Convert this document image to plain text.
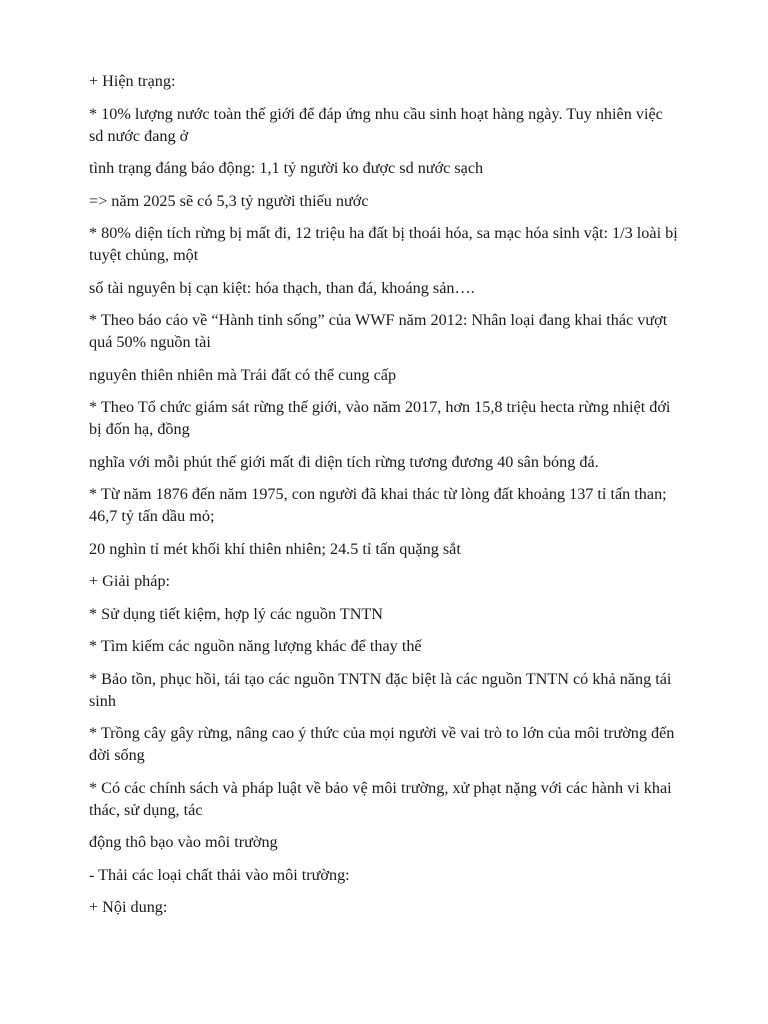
+ Hiện trạng:

* 10% lượng nước toàn thế giới để đáp ứng nhu cầu sinh hoạt hàng ngày. Tuy nhiên việc sd nước đang ở

tình trạng đáng báo động: 1,1 tỷ người ko được sd nước sạch

=> năm 2025 sẽ có 5,3 tỷ người thiếu nước

* 80% diện tích rừng bị mất đi, 12 triệu ha đất bị thoái hóa, sa mạc hóa sinh vật: 1/3 loài bị tuyệt chủng, một

số tài nguyên bị cạn kiệt: hóa thạch, than đá, khoáng sản….

* Theo báo cáo về “Hành tinh sống” của WWF năm 2012: Nhân loại đang khai thác vượt quá 50% nguồn tài

nguyên thiên nhiên mà Trái đất có thể cung cấp

* Theo Tổ chức giám sát rừng thế giới, vào năm 2017, hơn 15,8 triệu hecta rừng nhiệt đới bị đốn hạ, đồng

nghĩa với mỗi phút thế giới mất đi diện tích rừng tương đương 40 sân bóng đá.

* Từ năm 1876 đến năm 1975, con người đã khai thác từ lòng đất khoảng 137 tỉ tấn than; 46,7 tỷ tấn dầu mỏ;

20 nghìn tỉ mét khối khí thiên nhiên; 24.5 tỉ tấn quặng sắt

+ Giải pháp:

* Sử dụng tiết kiệm, hợp lý các nguồn TNTN

* Tìm kiếm các nguồn năng lượng khác để thay thế

* Bảo tồn, phục hồi, tái tạo các nguồn TNTN đặc biệt là các nguồn TNTN có khả năng tái sinh

* Trồng cây gây rừng, nâng cao ý thức của mọi người về vai trò to lớn của môi trường đến đời sống

* Có các chính sách và pháp luật về bảo vệ môi trường, xử phạt nặng với các hành vi khai thác, sử dụng, tác

động thô bạo vào môi trường

- Thải các loại chất thải vào môi trường:

+ Nội dung:
